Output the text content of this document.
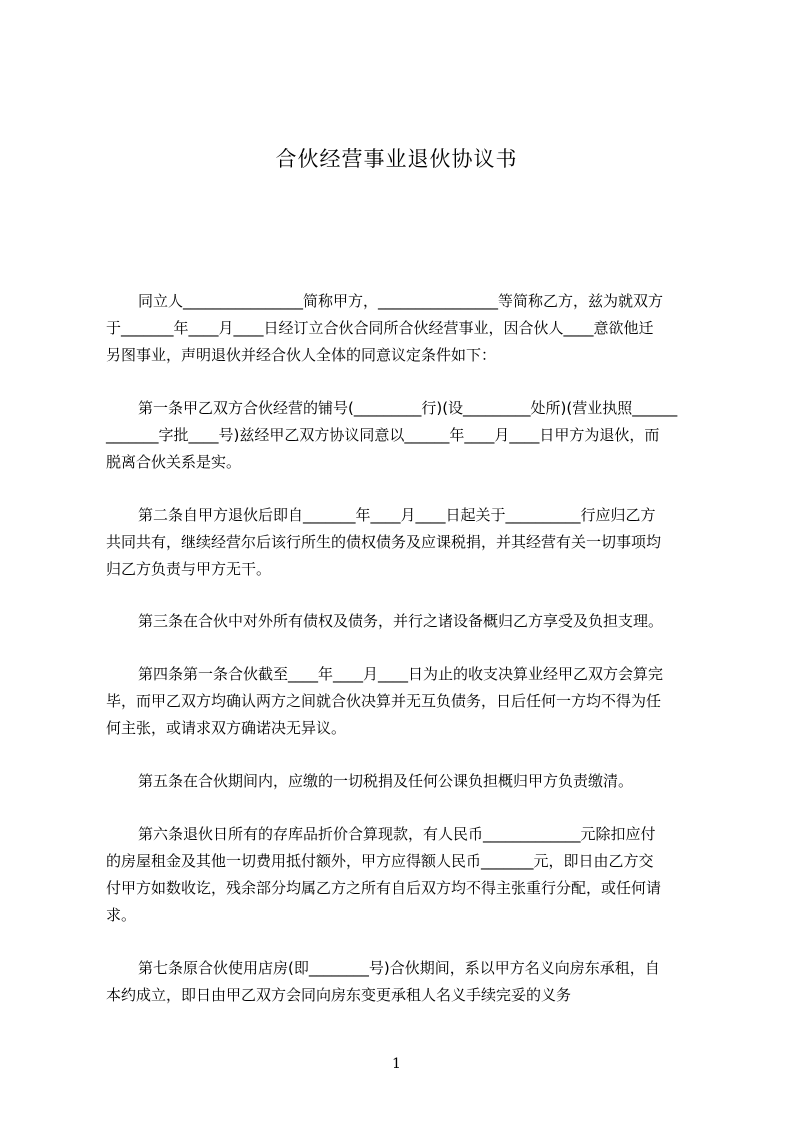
合伙经营事业退伙协议书
同立人________________简称甲方，________________等简称乙方，兹为就双方
于_______年____月____日经订立合伙合同所合伙经营事业，因合伙人____意欲他迁
另图事业，声明退伙并经合伙人全体的同意议定条件如下：
第一条甲乙双方合伙经营的铺号(_________行)(设_________处所)(营业执照______
_______字批____号)兹经甲乙双方协议同意以______年____月____日甲方为退伙，而
脱离合伙关系是实。
第二条自甲方退伙后即自_______年____月____日起关于__________行应归乙方
共同共有，继续经营尔后该行所生的债权债务及应课税捐，并其经营有关一切事项均
归乙方负责与甲方无干。
第三条在合伙中对外所有债权及债务，并行之诸设备概归乙方享受及负担支理。
第四条第一条合伙截至____年____月____日为止的收支决算业经甲乙双方会算完
毕，而甲乙双方均确认两方之间就合伙决算并无互负债务，日后任何一方均不得为任
何主张，或请求双方确诺决无异议。
第五条在合伙期间内，应缴的一切税捐及任何公课负担概归甲方负责缴清。
第六条退伙日所有的存库品折价合算现款，有人民币_____________元除扣应付
的房屋租金及其他一切费用抵付额外，甲方应得额人民币_______元，即日由乙方交
付甲方如数收讫，残余部分均属乙方之所有自后双方均不得主张重行分配，或任何请
求。
第七条原合伙使用店房(即________号)合伙期间，系以甲方名义向房东承租，自
本约成立，即日由甲乙双方会同向房东变更承租人名义手续完妥的义务
1
